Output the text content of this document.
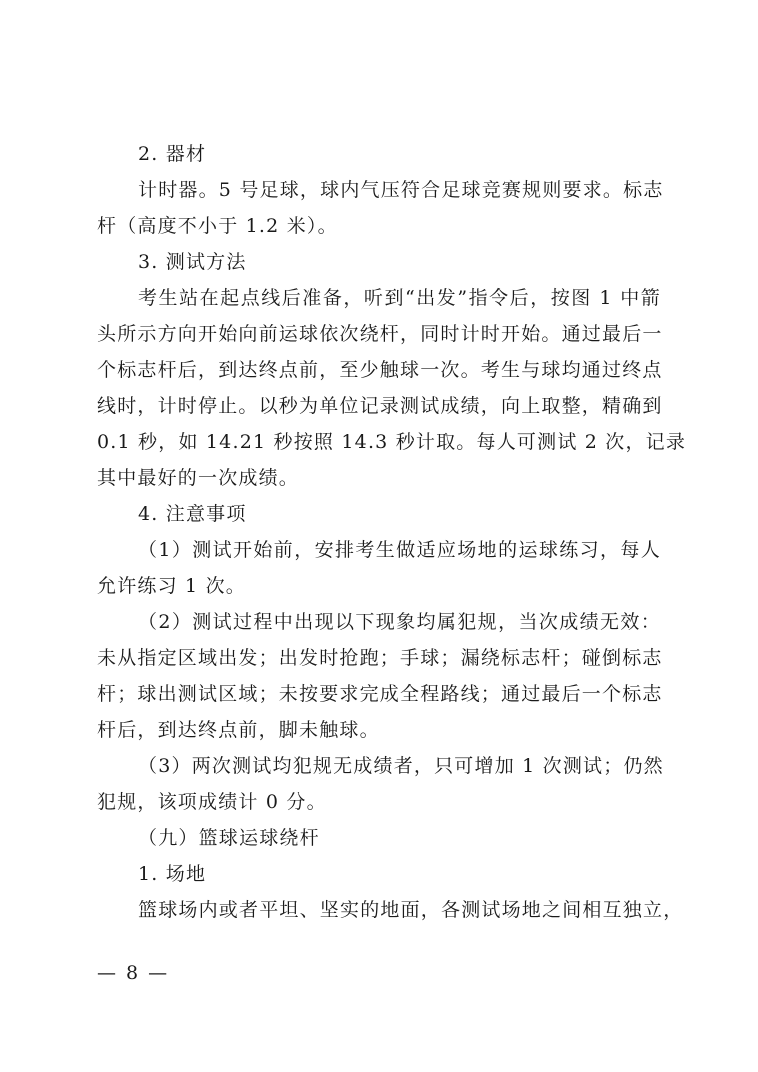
2. 器材
计时器。5 号足球，球内气压符合足球竞赛规则要求。标志
杆（高度不小于 1.2 米）。
3. 测试方法
考生站在起点线后准备，听到“出发”指令后，按图 1 中箭
头所示方向开始向前运球依次绕杆，同时计时开始。通过最后一
个标志杆后，到达终点前，至少触球一次。考生与球均通过终点
线时，计时停止。以秒为单位记录测试成绩，向上取整，精确到
0.1 秒，如 14.21 秒按照 14.3 秒计取。每人可测试 2 次，记录
其中最好的一次成绩。
4. 注意事项
（1）测试开始前，安排考生做适应场地的运球练习，每人
允许练习 1 次。
（2）测试过程中出现以下现象均属犯规，当次成绩无效：
未从指定区域出发；出发时抢跑；手球；漏绕标志杆；碰倒标志
杆；球出测试区域；未按要求完成全程路线；通过最后一个标志
杆后，到达终点前，脚未触球。
（3）两次测试均犯规无成绩者，只可增加 1 次测试；仍然
犯规，该项成绩计 0 分。
（九）篮球运球绕杆
1. 场地
篮球场内或者平坦、坚实的地面，各测试场地之间相互独立，
— 8 —
